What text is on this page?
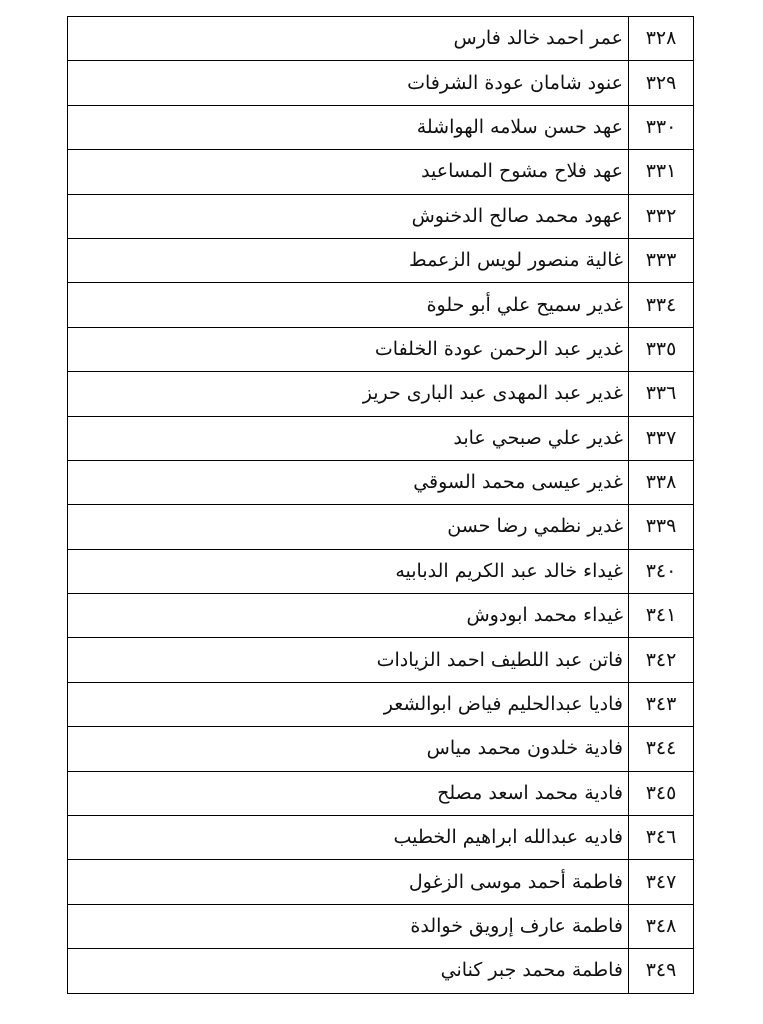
٣٢٨	عمر احمد خالد فارس
٣٢٩	عنود شامان عودة الشرفات
٣٣٠	عهد حسن سلامه الهواشلة
٣٣١	عهد فلاح مشوح المساعيد
٣٣٢	عهود محمد صالح الدخنوش
٣٣٣	غالية منصور لويس الزعمط
٣٣٤	غدير سميح علي أبو حلوة
٣٣٥	غدير عبد الرحمن عودة الخلفات
٣٣٦	غدير عبد المهدى عبد البارى حريز
٣٣٧	غدير علي صبحي عابد
٣٣٨	غدير عيسى محمد السوقي
٣٣٩	غدير نظمي رضا حسن
٣٤٠	غيداء خالد عبد الكريم الدبابيه
٣٤١	غيداء محمد ابودوش
٣٤٢	فاتن عبد اللطيف احمد الزيادات
٣٤٣	فاديا عبدالحليم فياض ابوالشعر
٣٤٤	فادية خلدون محمد مياس
٣٤٥	فادية محمد اسعد مصلح
٣٤٦	فاديه عبدالله ابراهيم الخطيب
٣٤٧	فاطمة أحمد موسى الزغول
٣٤٨	فاطمة عارف إرويق خوالدة
٣٤٩	فاطمة محمد جبر كناني
